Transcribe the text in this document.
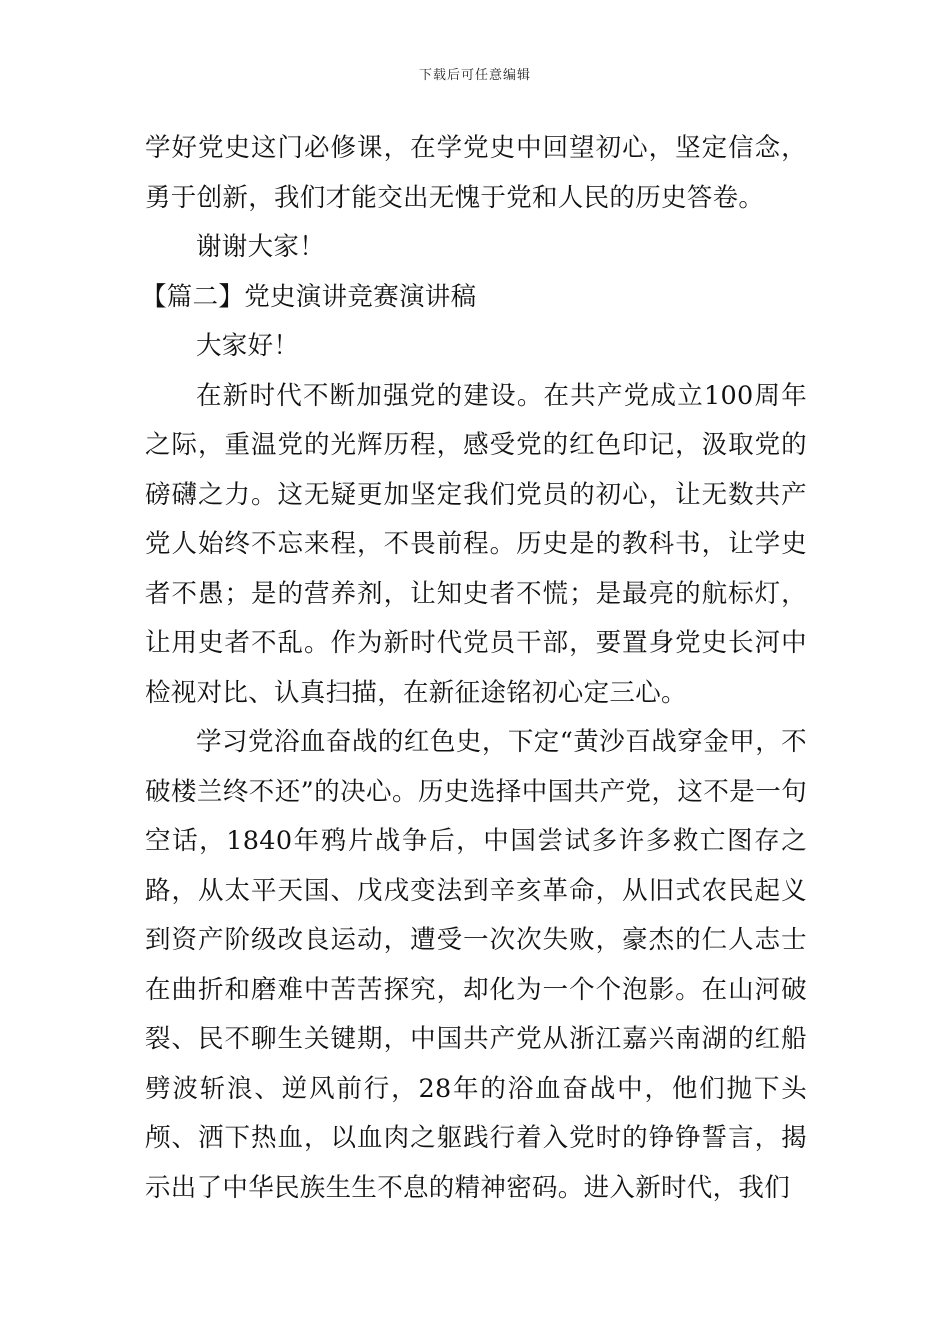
下载后可任意编辑

学好党史这门必修课，在学党史中回望初心，坚定信念，勇于创新，我们才能交出无愧于党和人民的历史答卷。

谢谢大家！

【篇二】党史演讲竞赛演讲稿

大家好！

在新时代不断加强党的建设。在共产党成立100周年之际，重温党的光辉历程，感受党的红色印记，汲取党的磅礴之力。这无疑更加坚定我们党员的初心，让无数共产党人始终不忘来程，不畏前程。历史是的教科书，让学史者不愚；是的营养剂，让知史者不慌；是最亮的航标灯，让用史者不乱。作为新时代党员干部，要置身党史长河中检视对比、认真扫描，在新征途铭初心定三心。

学习党浴血奋战的红色史，下定“黄沙百战穿金甲，不破楼兰终不还”的决心。历史选择中国共产党，这不是一句空话，1840年鸦片战争后，中国尝试多许多救亡图存之路，从太平天国、戊戌变法到辛亥革命，从旧式农民起义到资产阶级改良运动，遭受一次次失败，豪杰的仁人志士在曲折和磨难中苦苦探究，却化为一个个泡影。在山河破裂、民不聊生关键期，中国共产党从浙江嘉兴南湖的红船劈波斩浪、逆风前行，28年的浴血奋战中，他们抛下头颅、洒下热血，以血肉之躯践行着入党时的铮铮誓言，揭示出了中华民族生生不息的精神密码。进入新时代，我们
